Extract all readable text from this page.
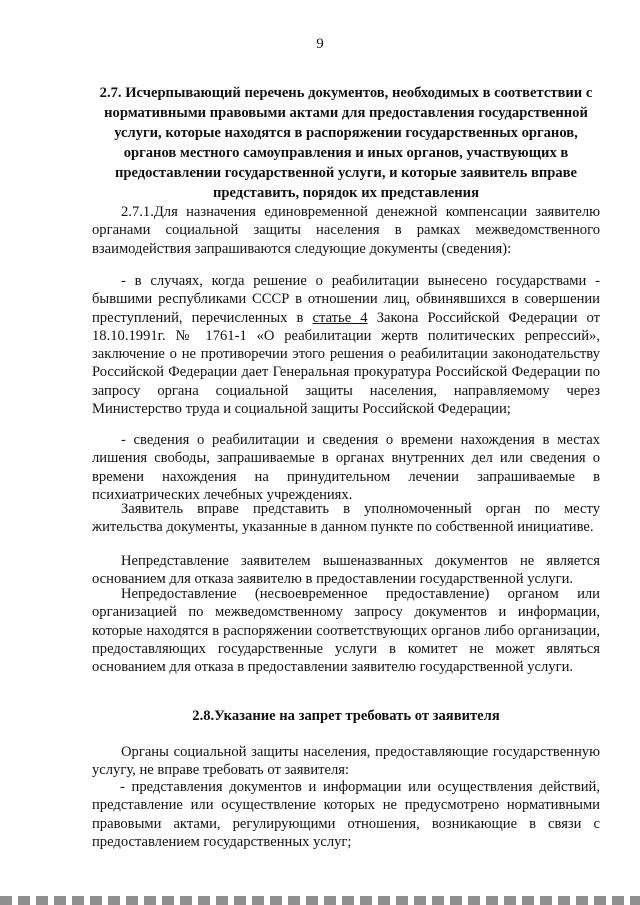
9
2.7. Исчерпывающий перечень документов, необходимых в соответствии с нормативными правовыми актами для предоставления государственной услуги, которые находятся в распоряжении государственных органов, органов местного самоуправления и иных органов, участвующих в предоставлении государственной услуги, и которые заявитель вправе представить, порядок их представления
2.7.1.Для назначения единовременной денежной компенсации заявителю органами социальной защиты населения в рамках межведомственного взаимодействия запрашиваются следующие документы (сведения):
- в случаях, когда решение о реабилитации вынесено государствами - бывшими республиками СССР в отношении лиц, обвинявшихся в совершении преступлений, перечисленных в статье 4 Закона Российской Федерации от 18.10.1991г. № 1761-1 «О реабилитации жертв политических репрессий», заключение о не противоречии этого решения о реабилитации законодательству Российской Федерации дает Генеральная прокуратура Российской Федерации по запросу органа социальной защиты населения, направляемому через Министерство труда и социальной защиты Российской Федерации;
- сведения о реабилитации и сведения о времени нахождения в местах лишения свободы, запрашиваемые в органах внутренних дел или сведения о времени нахождения на принудительном лечении запрашиваемые в психиатрических лечебных учреждениях.
Заявитель вправе представить в уполномоченный орган по месту жительства документы, указанные в данном пункте по собственной инициативе.
Непредставление заявителем вышеназванных документов не является основанием для отказа заявителю в предоставлении государственной услуги.
Непредоставление (несвоевременное предоставление) органом или организацией по межведомственному запросу документов и информации, которые находятся в распоряжении соответствующих органов либо организации, предоставляющих государственные услуги в комитет не может являться основанием для отказа в предоставлении заявителю государственной услуги.
2.8.Указание на запрет требовать от заявителя
Органы социальной защиты населения, предоставляющие государственную услугу, не вправе требовать от заявителя:
- представления документов и информации или осуществления действий, представление или осуществление которых не предусмотрено нормативными правовыми актами, регулирующими отношения, возникающие в связи с предоставлением государственных услуг;
